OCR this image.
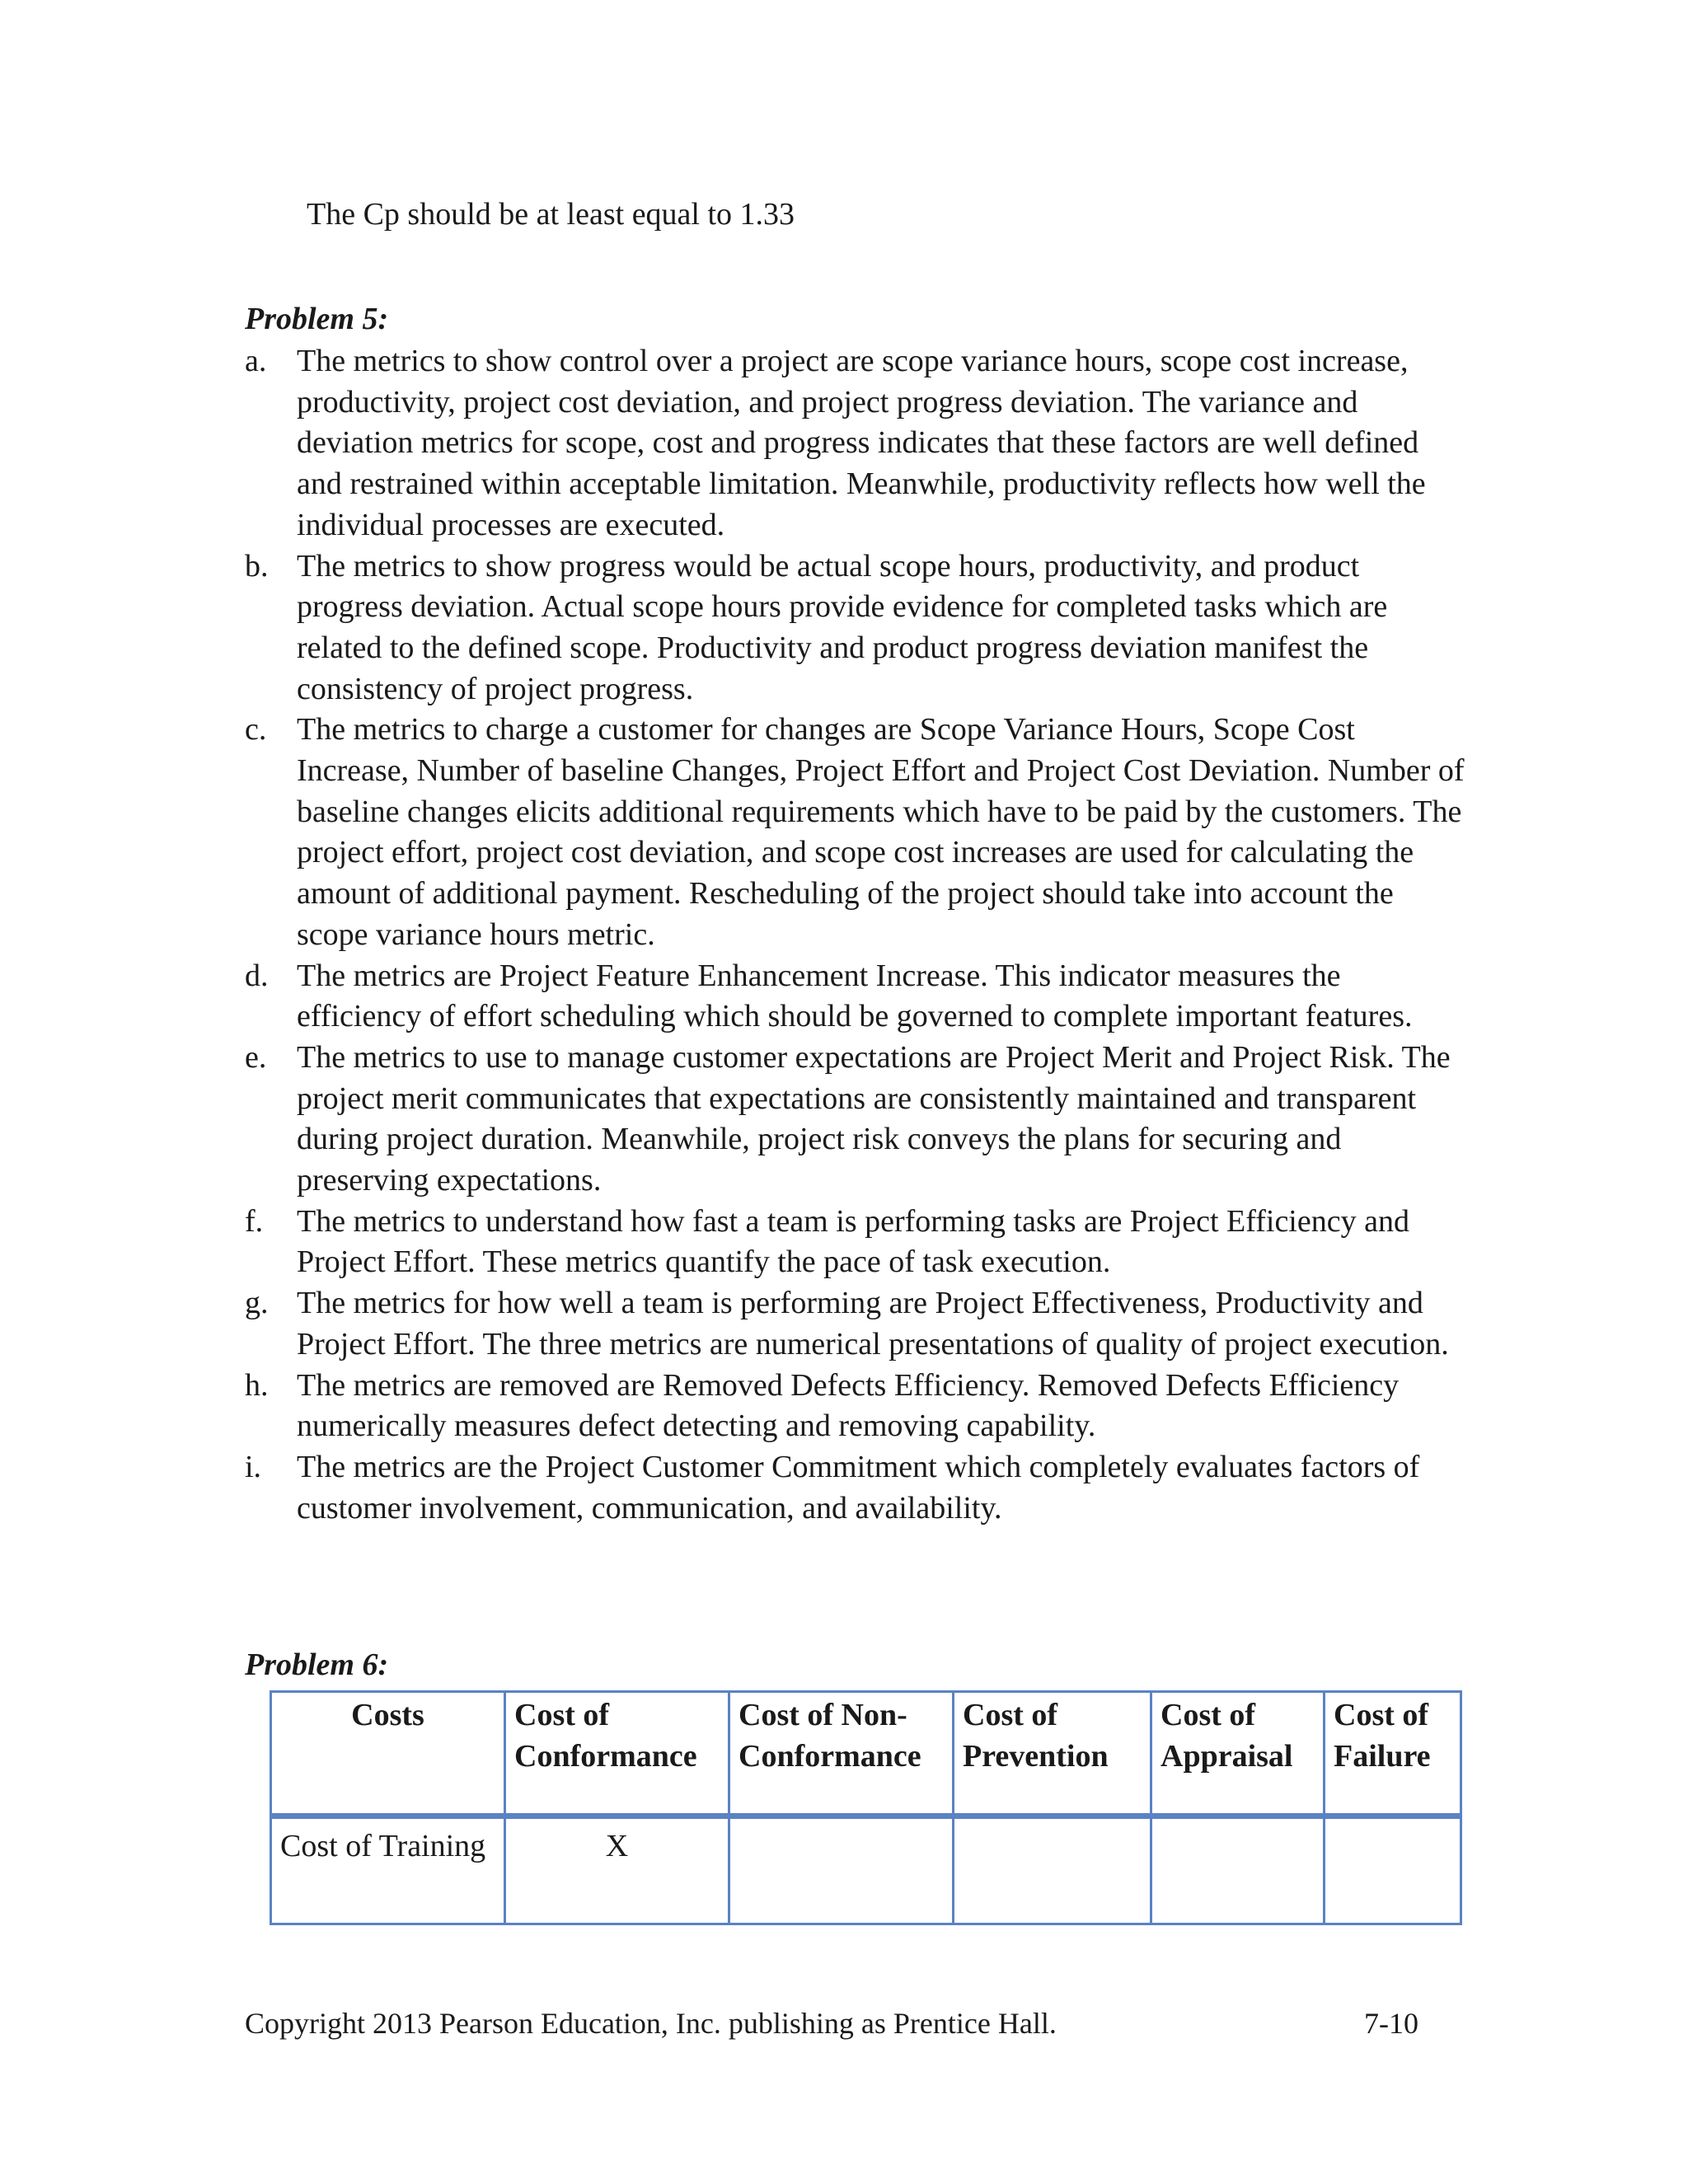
The Cp should be at least equal to 1.33

Problem 5:

a. The metrics to show control over a project are scope variance hours, scope cost increase, productivity, project cost deviation, and project progress deviation. The variance and deviation metrics for scope, cost and progress indicates that these factors are well defined and restrained within acceptable limitation. Meanwhile, productivity reflects how well the individual processes are executed.
b. The metrics to show progress would be actual scope hours, productivity, and product progress deviation. Actual scope hours provide evidence for completed tasks which are related to the defined scope. Productivity and product progress deviation manifest the consistency of project progress.
c. The metrics to charge a customer for changes are Scope Variance Hours, Scope Cost Increase, Number of baseline Changes, Project Effort and Project Cost Deviation. Number of baseline changes elicits additional requirements which have to be paid by the customers. The project effort, project cost deviation, and scope cost increases are used for calculating the amount of additional payment. Rescheduling of the project should take into account the scope variance hours metric.
d. The metrics are Project Feature Enhancement Increase. This indicator measures the efficiency of effort scheduling which should be governed to complete important features.
e. The metrics to use to manage customer expectations are Project Merit and Project Risk. The project merit communicates that expectations are consistently maintained and transparent during project duration. Meanwhile, project risk conveys the plans for securing and preserving expectations.
f.	The metrics to understand how fast a team is performing tasks are Project Efficiency and Project Effort. These metrics quantify the pace of task execution.
g. The metrics for how well a team is performing are Project Effectiveness, Productivity and Project Effort. The three metrics are numerical presentations of quality of project execution.
h. The metrics are removed are Removed Defects Efficiency. Removed Defects Efficiency numerically measures defect detecting and removing capability.
i.	The metrics are the Project Customer Commitment which completely evaluates factors of customer involvement, communication, and availability.

Problem 6:

Costs	Cost of Conformance	Cost of Non-Conformance	Cost of Prevention	Cost of Appraisal	Cost of Failure
Cost of Training	X				

Copyright 2013 Pearson Education, Inc. publishing as Prentice Hall.	7-10
